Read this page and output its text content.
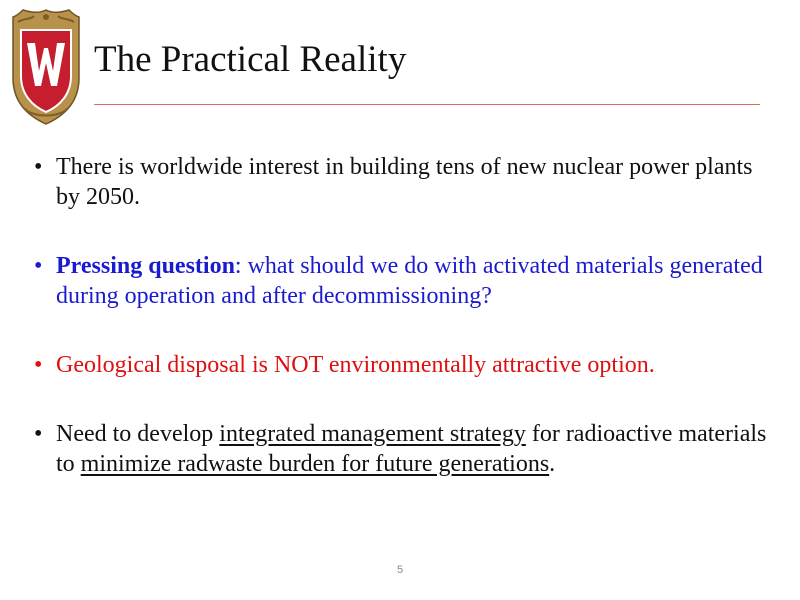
The Practical Reality
• There is worldwide interest in building tens of new nuclear power plants by 2050.
• Pressing question: what should we do with activated materials generated during operation and after decommissioning?
• Geological disposal is NOT environmentally attractive option.
• Need to develop integrated management strategy for radioactive materials to minimize radwaste burden for future generations.
5
